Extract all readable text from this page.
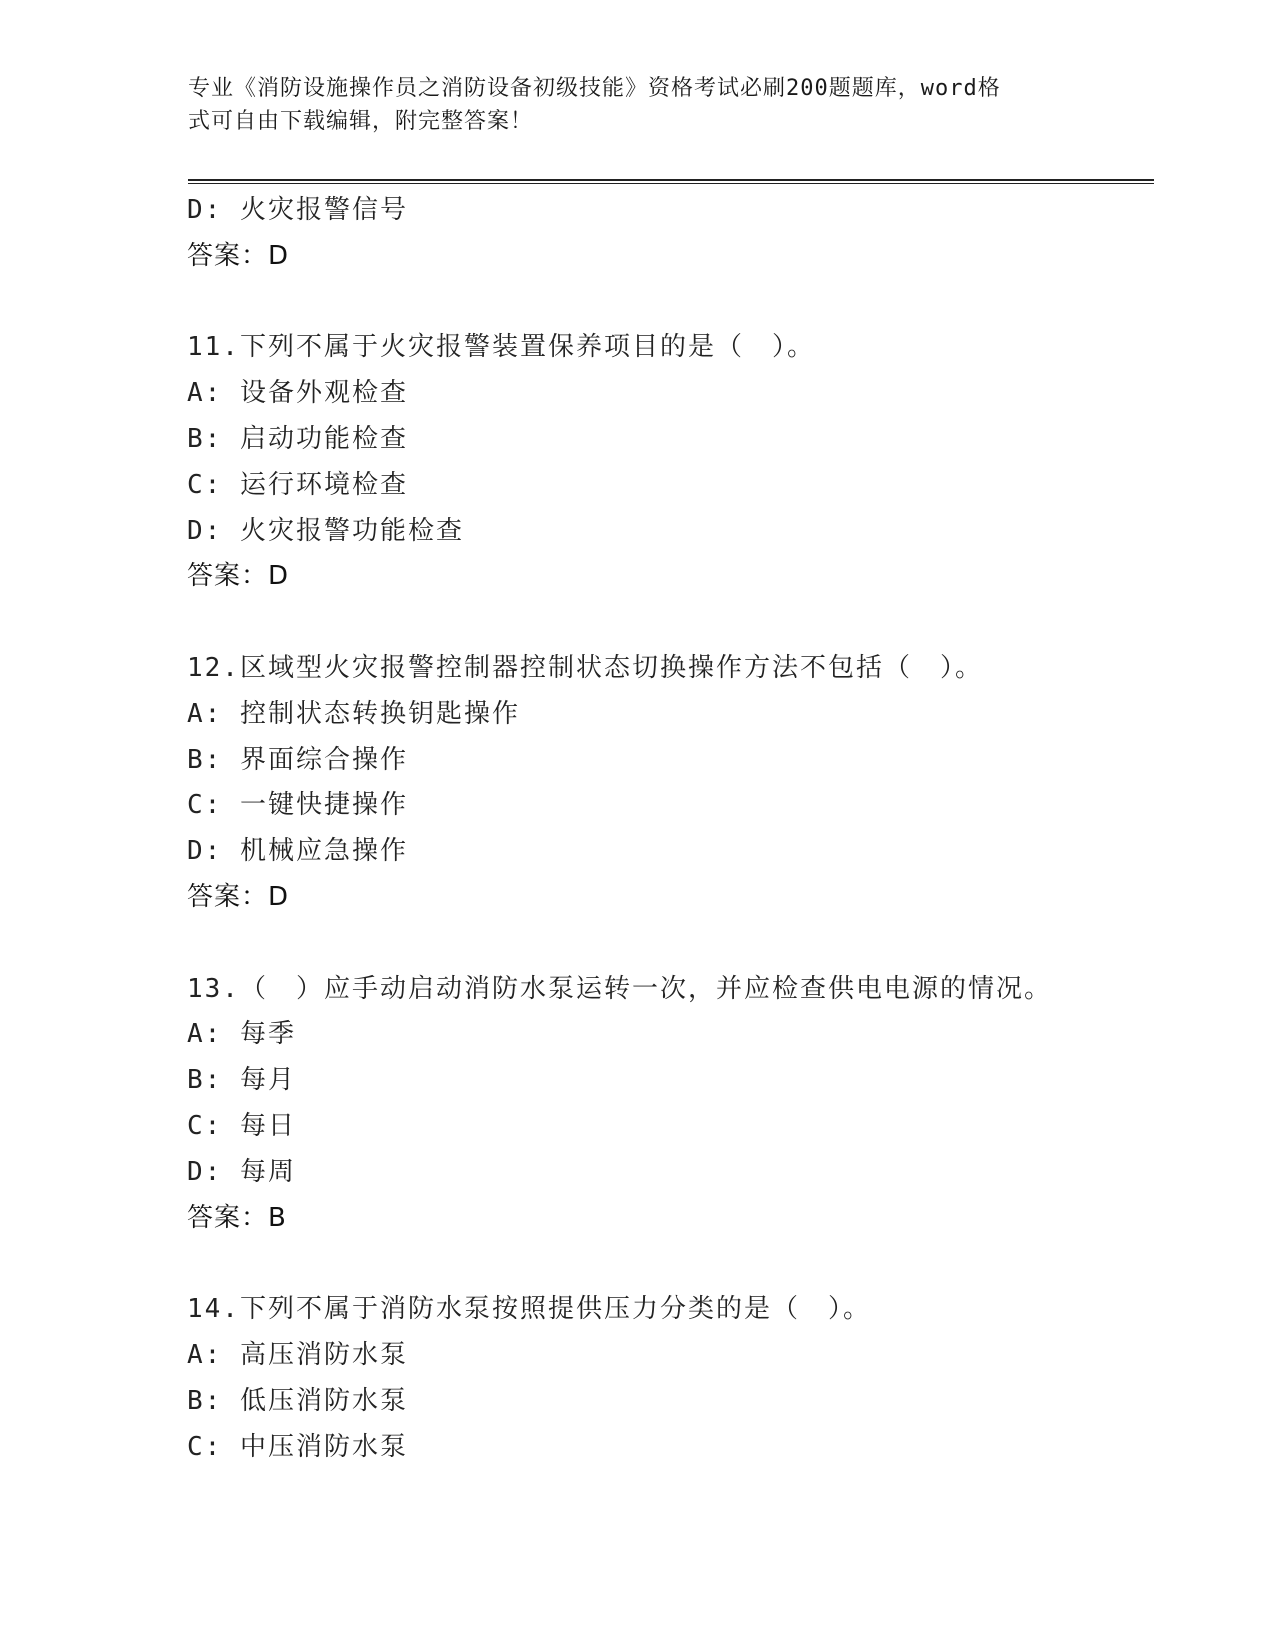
专业《消防设施操作员之消防设备初级技能》资格考试必刷200题题库，word格
式可自由下载编辑，附完整答案！
D: 火灾报警信号
答案：D
11.下列不属于火灾报警装置保养项目的是（　）。
A: 设备外观检查
B: 启动功能检查
C: 运行环境检查
D: 火灾报警功能检查
答案：D
12.区域型火灾报警控制器控制状态切换操作方法不包括（　）。
A: 控制状态转换钥匙操作
B: 界面综合操作
C: 一键快捷操作
D: 机械应急操作
答案：D
13.（　）应手动启动消防水泵运转一次，并应检查供电电源的情况。
A: 每季
B: 每月
C: 每日
D: 每周
答案：B
14.下列不属于消防水泵按照提供压力分类的是（　）。
A: 高压消防水泵
B: 低压消防水泵
C: 中压消防水泵
